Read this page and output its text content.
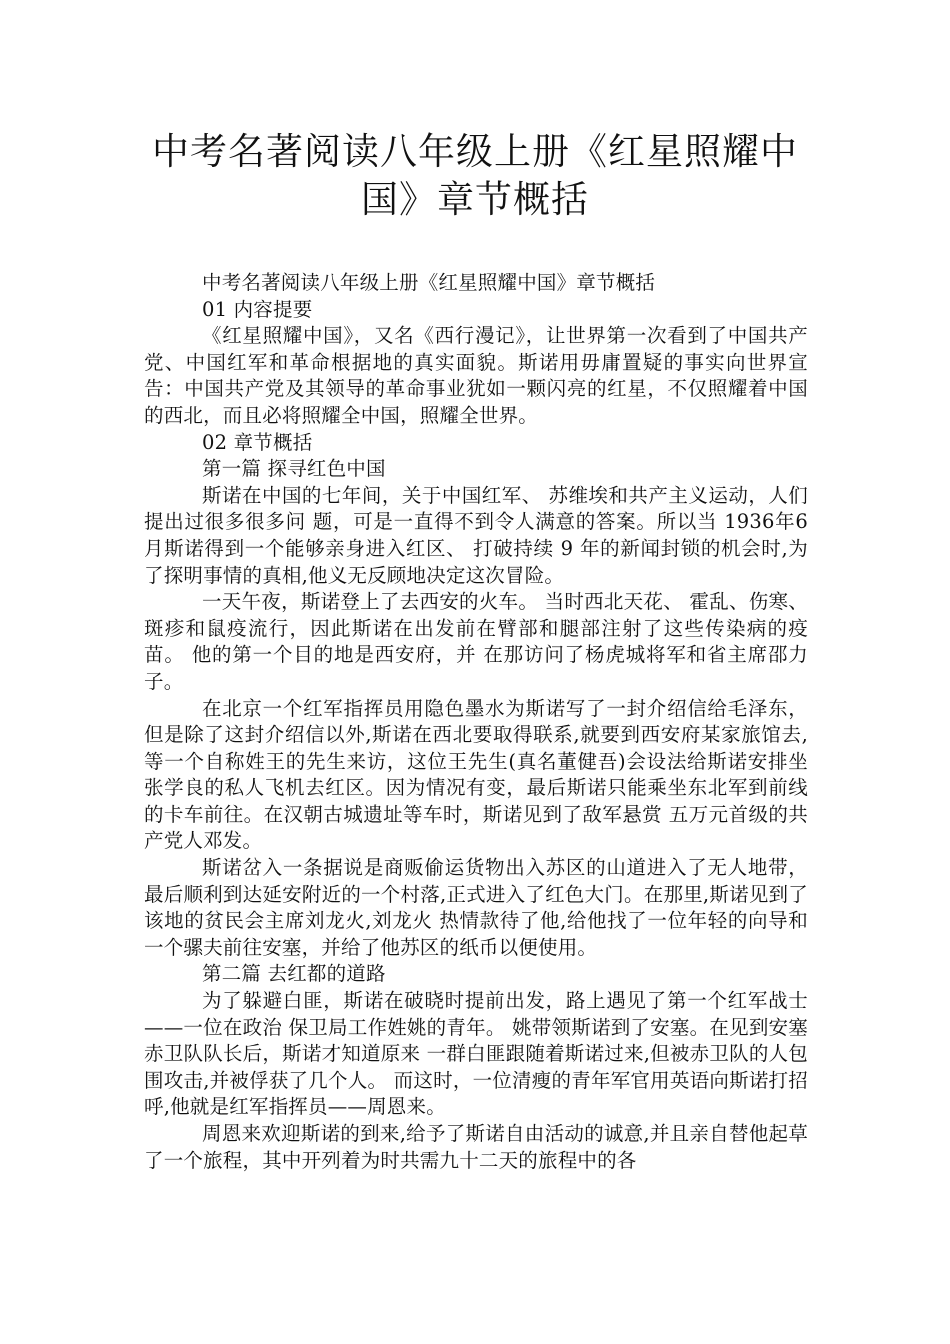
中考名著阅读八年级上册《红星照耀中
国》章节概括

中考名著阅读八年级上册《红星照耀中国》章节概括

01 内容提要

《红星照耀中国》，又名《西行漫记》，让世界第一次看到了中国共产党、中国红军和革命根据地的真实面貌。斯诺用毋庸置疑的事实向世界宣告：中国共产党及其领导的革命事业犹如一颗闪亮的红星，不仅照耀着中国的西北，而且必将照耀全中国，照耀全世界。

02 章节概括

第一篇 探寻红色中国

斯诺在中国的七年间，关于中国红军、 苏维埃和共产主义运动，人们提出过很多很多问 题，可是一直得不到令人满意的答案。所以当 1936年6月斯诺得到一个能够亲身进入红区、 打破持续 9 年的新闻封锁的机会时,为了探明事情的真相,他义无反顾地决定这次冒险。

一天午夜，斯诺登上了去西安的火车。 当时西北天花、 霍乱、伤寒、 斑疹和鼠疫流行，因此斯诺在出发前在臂部和腿部注射了这些传染病的疫苗。 他的第一个目的地是西安府，并 在那访问了杨虎城将军和省主席邵力子。

在北京一个红军指挥员用隐色墨水为斯诺写了一封介绍信给毛泽东，但是除了这封介绍信以外,斯诺在西北要取得联系,就要到西安府某家旅馆去,等一个自称姓王的先生来访，这位王先生(真名董健吾)会设法给斯诺安排坐张学良的私人飞机去红区。因为情况有变，最后斯诺只能乘坐东北军到前线的卡车前往。在汉朝古城遗址等车时，斯诺见到了敌军悬赏 五万元首级的共产党人邓发。

斯诺岔入一条据说是商贩偷运货物出入苏区的山道进入了无人地带，最后顺利到达延安附近的一个村落,正式进入了红色大门。在那里,斯诺见到了该地的贫民会主席刘龙火,刘龙火 热情款待了他,给他找了一位年轻的向导和一个骡夫前往安塞，并给了他苏区的纸币以便使用。

第二篇 去红都的道路

为了躲避白匪，斯诺在破晓时提前出发，路上遇见了第一个红军战士——一位在政治 保卫局工作姓姚的青年。 姚带领斯诺到了安塞。在见到安塞赤卫队队长后，斯诺才知道原来 一群白匪跟随着斯诺过来,但被赤卫队的人包围攻击,并被俘获了几个人。 而这时，一位清瘦的青年军官用英语向斯诺打招呼,他就是红军指挥员——周恩来。

周恩来欢迎斯诺的到来,给予了斯诺自由活动的诚意,并且亲自替他起草了一个旅程，其中开列着为时共需九十二天的旅程中的各
